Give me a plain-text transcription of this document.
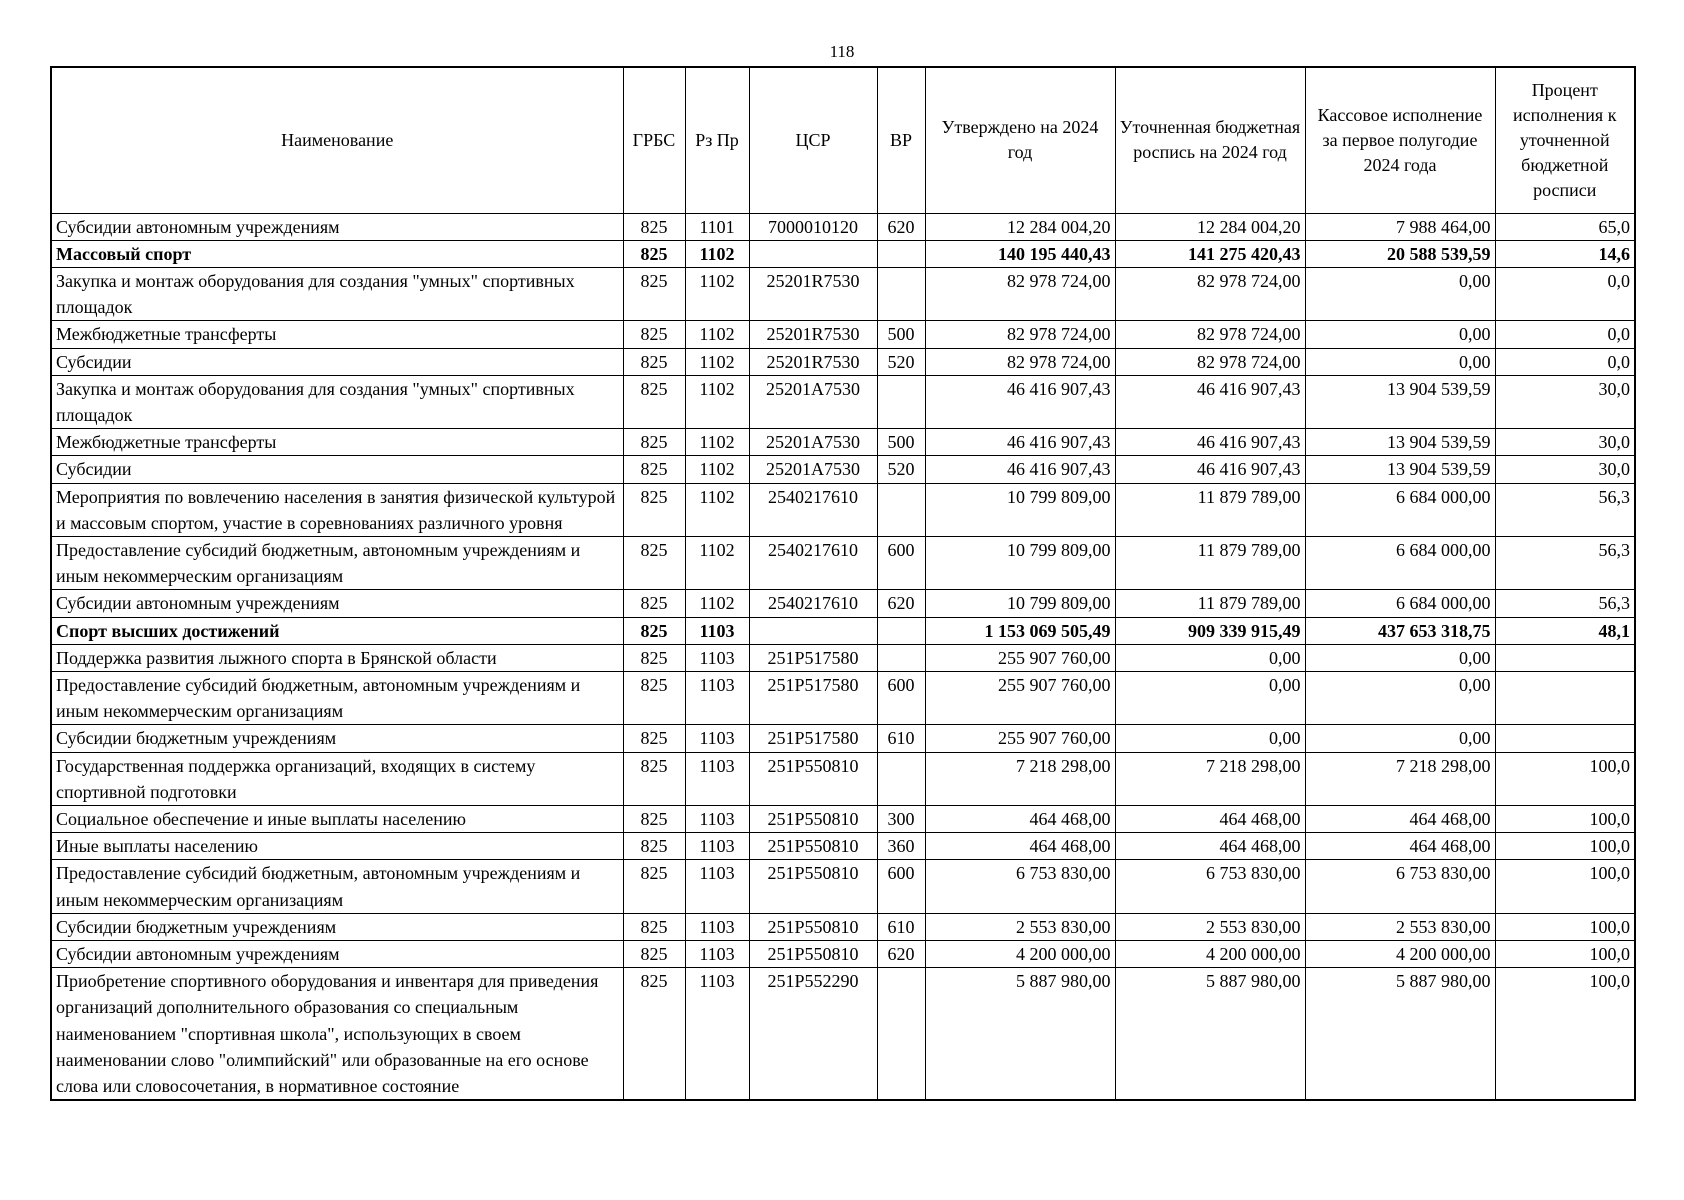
118
Наименование	ГРБС	Рз Пр	ЦСР	ВР	Утверждено на 2024 год	Уточненная бюджетная роспись на 2024 год	Кассовое исполнение за первое полугодие 2024 года	Процент исполнения к уточненной бюджетной росписи
Субсидии автономным учреждениям	825	1101	7000010120	620	12 284 004,20	12 284 004,20	7 988 464,00	65,0
Массовый спорт	825	1102			140 195 440,43	141 275 420,43	20 588 539,59	14,6
Закупка и монтаж оборудования для создания "умных" спортивных площадок	825	1102	25201R7530		82 978 724,00	82 978 724,00	0,00	0,0
Межбюджетные трансферты	825	1102	25201R7530	500	82 978 724,00	82 978 724,00	0,00	0,0
Субсидии	825	1102	25201R7530	520	82 978 724,00	82 978 724,00	0,00	0,0
Закупка и монтаж оборудования для создания "умных" спортивных площадок	825	1102	25201A7530		46 416 907,43	46 416 907,43	13 904 539,59	30,0
Межбюджетные трансферты	825	1102	25201A7530	500	46 416 907,43	46 416 907,43	13 904 539,59	30,0
Субсидии	825	1102	25201A7530	520	46 416 907,43	46 416 907,43	13 904 539,59	30,0
Мероприятия по вовлечению населения в занятия физической культурой и массовым спортом, участие в соревнованиях различного уровня	825	1102	2540217610		10 799 809,00	11 879 789,00	6 684 000,00	56,3
Предоставление субсидий бюджетным, автономным учреждениям и иным некоммерческим организациям	825	1102	2540217610	600	10 799 809,00	11 879 789,00	6 684 000,00	56,3
Субсидии автономным учреждениям	825	1102	2540217610	620	10 799 809,00	11 879 789,00	6 684 000,00	56,3
Спорт высших достижений	825	1103			1 153 069 505,49	909 339 915,49	437 653 318,75	48,1
Поддержка развития лыжного спорта в Брянской области	825	1103	251P517580		255 907 760,00	0,00	0,00	
Предоставление субсидий бюджетным, автономным учреждениям и иным некоммерческим организациям	825	1103	251P517580	600	255 907 760,00	0,00	0,00	
Субсидии бюджетным учреждениям	825	1103	251P517580	610	255 907 760,00	0,00	0,00	
Государственная поддержка организаций, входящих в систему спортивной подготовки	825	1103	251P550810		7 218 298,00	7 218 298,00	7 218 298,00	100,0
Социальное обеспечение и иные выплаты населению	825	1103	251P550810	300	464 468,00	464 468,00	464 468,00	100,0
Иные выплаты населению	825	1103	251P550810	360	464 468,00	464 468,00	464 468,00	100,0
Предоставление субсидий бюджетным, автономным учреждениям и иным некоммерческим организациям	825	1103	251P550810	600	6 753 830,00	6 753 830,00	6 753 830,00	100,0
Субсидии бюджетным учреждениям	825	1103	251P550810	610	2 553 830,00	2 553 830,00	2 553 830,00	100,0
Субсидии автономным учреждениям	825	1103	251P550810	620	4 200 000,00	4 200 000,00	4 200 000,00	100,0
Приобретение спортивного оборудования и инвентаря для приведения организаций дополнительного образования со специальным наименованием "спортивная школа", использующих в своем наименовании слово "олимпийский" или образованные на его основе слова или словосочетания, в нормативное состояние	825	1103	251P552290		5 887 980,00	5 887 980,00	5 887 980,00	100,0
